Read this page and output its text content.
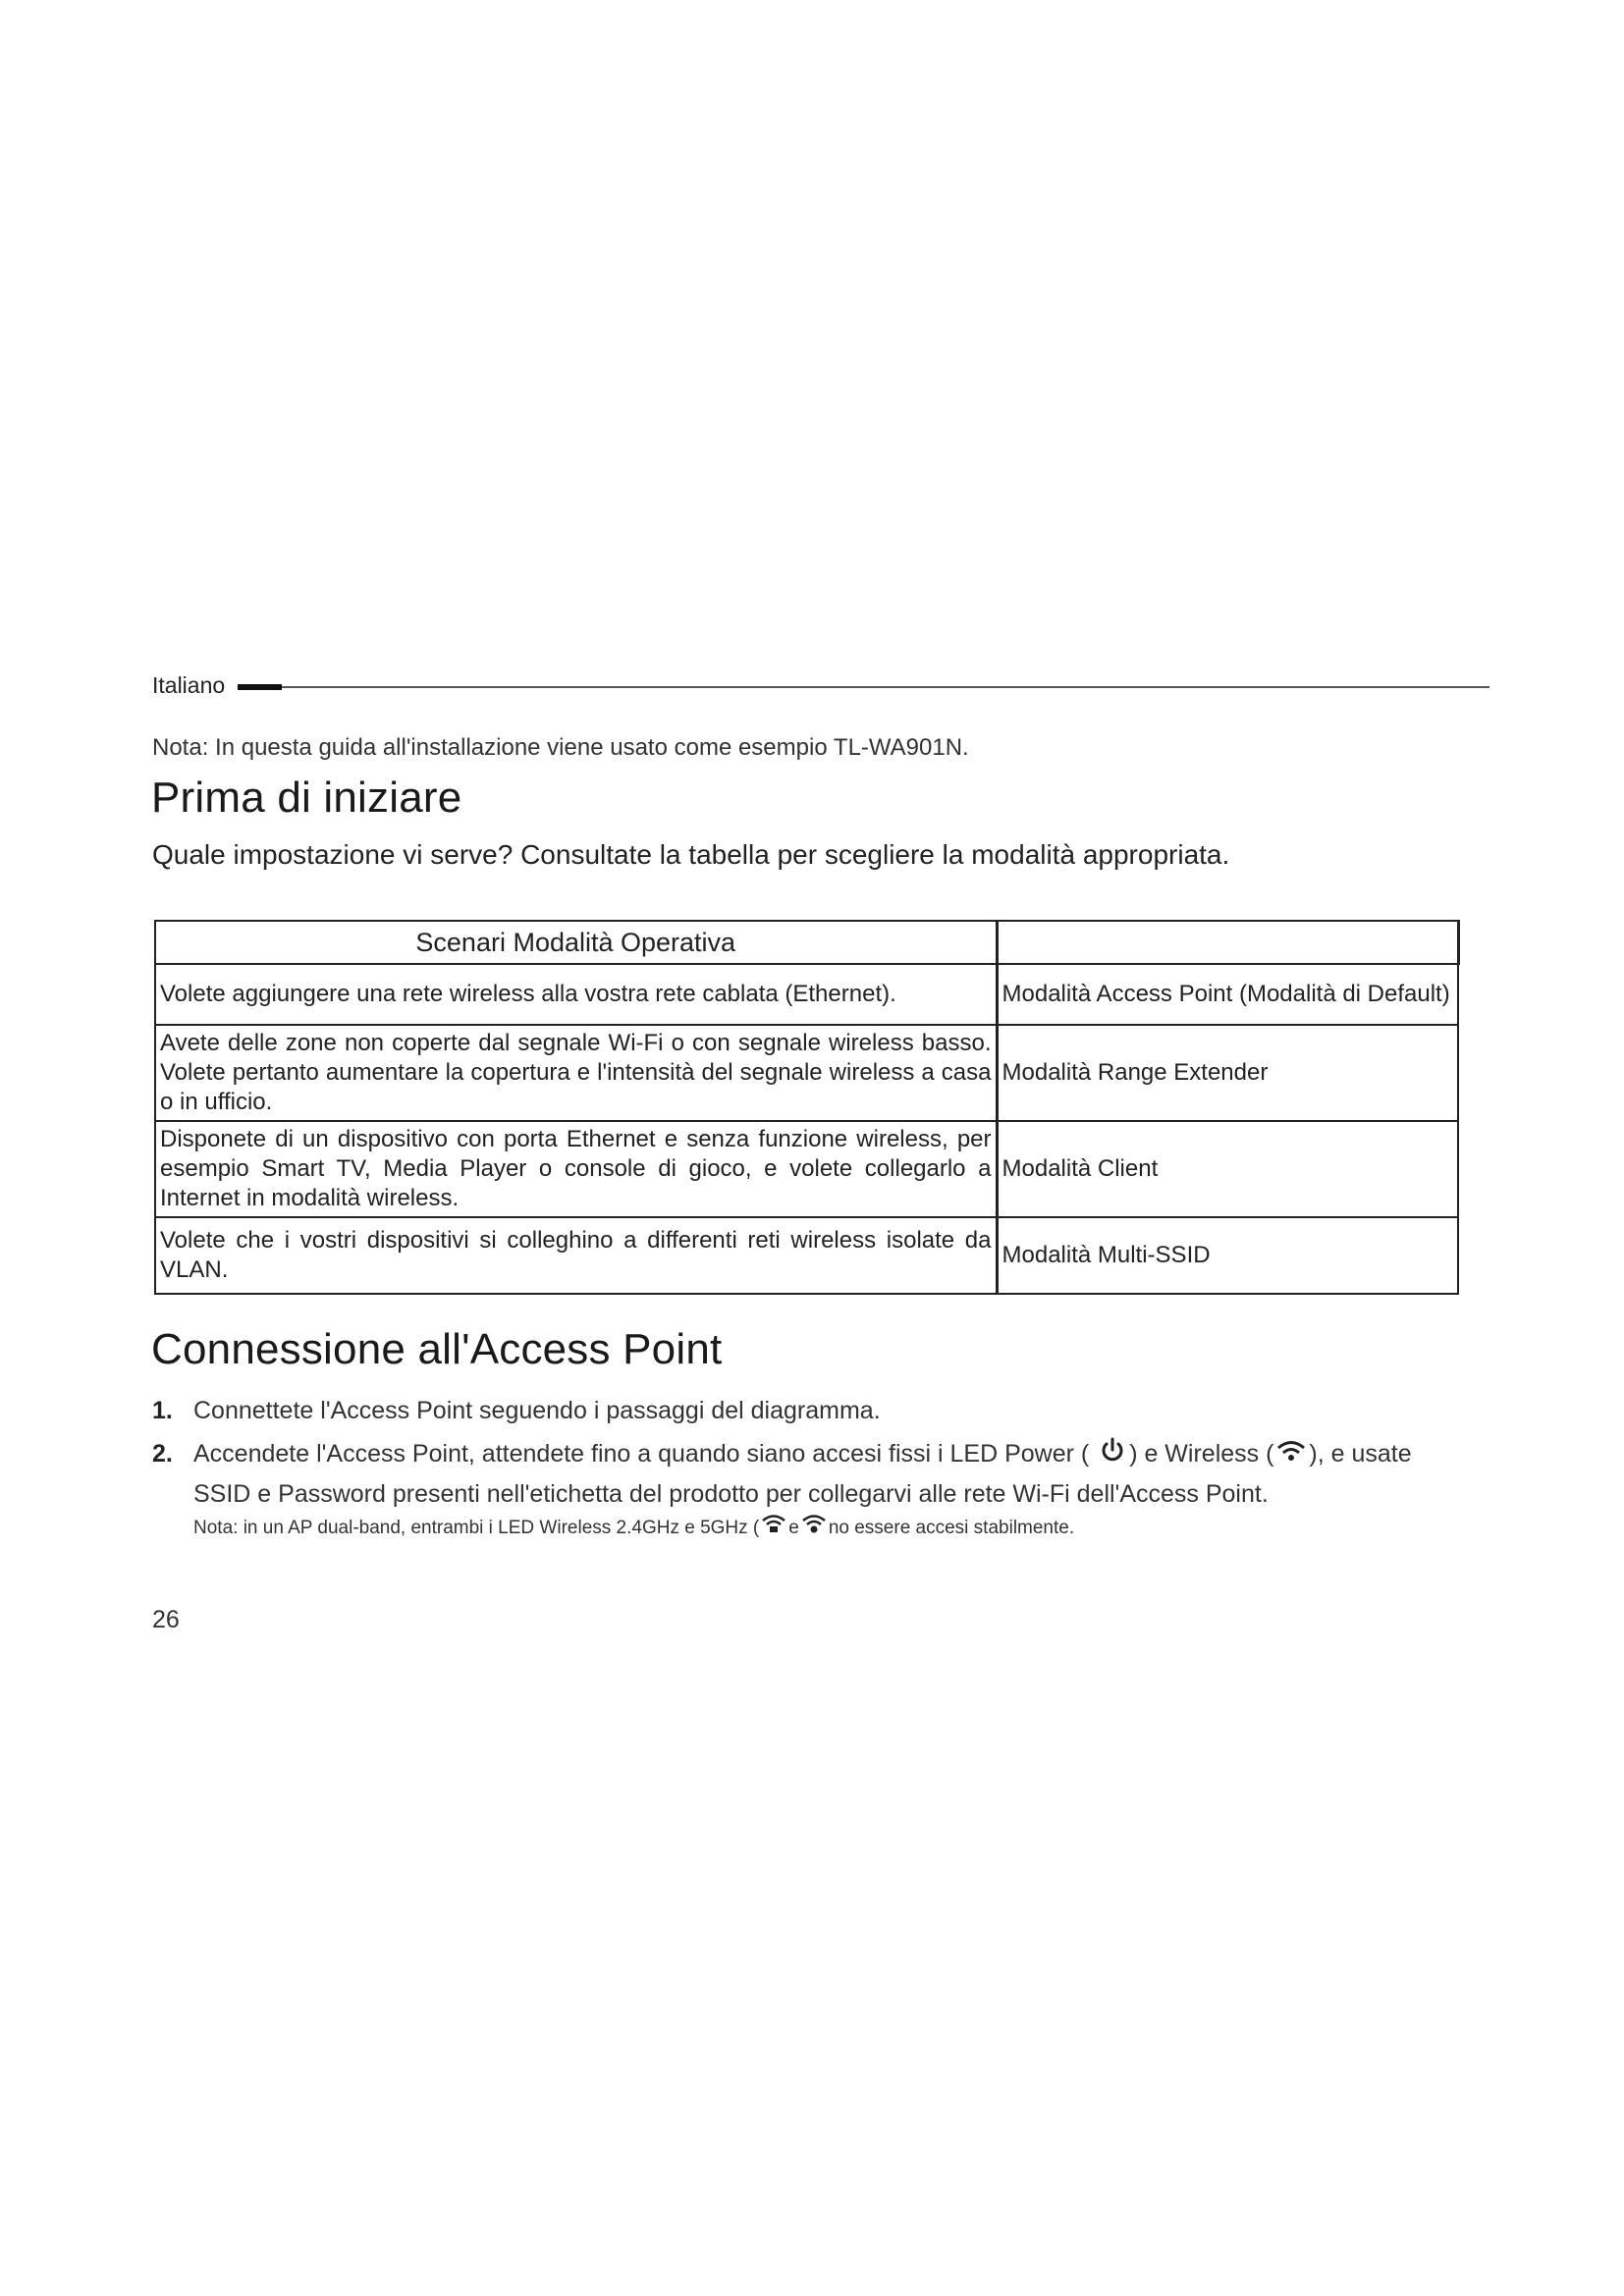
Italiano
Nota: In questa guida all'installazione viene usato come esempio TL-WA901N.
Prima di iniziare
Quale impostazione vi serve? Consultate la tabella per scegliere la modalità appropriata.
Scenari Modalità Operativa	
Volete aggiungere una rete wireless alla vostra rete cablata (Ethernet).	Modalità Access Point (Modalità di Default)
Avete delle zone non coperte dal segnale Wi-Fi o con segnale wireless basso. Volete pertanto aumentare la copertura e l'intensità del segnale wireless a casa o in ufficio.	Modalità Range Extender
Disponete di un dispositivo con porta Ethernet e senza funzione wireless, per esempio Smart TV, Media Player o console di gioco, e volete collegarlo a Internet in modalità wireless.	Modalità Client
Volete che i vostri dispositivi si colleghino a differenti reti wireless isolate da VLAN.	Modalità Multi-SSID
Connessione all'Access Point
1. Connettete l'Access Point seguendo i passaggi del diagramma.
2. Accendete l'Access Point, attendete fino a quando siano accesi fissi i LED Power ( ) e Wireless ( ), e usate SSID e Password presenti nell'etichetta del prodotto per collegarvi alle rete Wi-Fi dell'Access Point.
Nota: in un AP dual-band, entrambi i LED Wireless 2.4GHz e 5GHz ( e no essere accesi stabilmente.
26
